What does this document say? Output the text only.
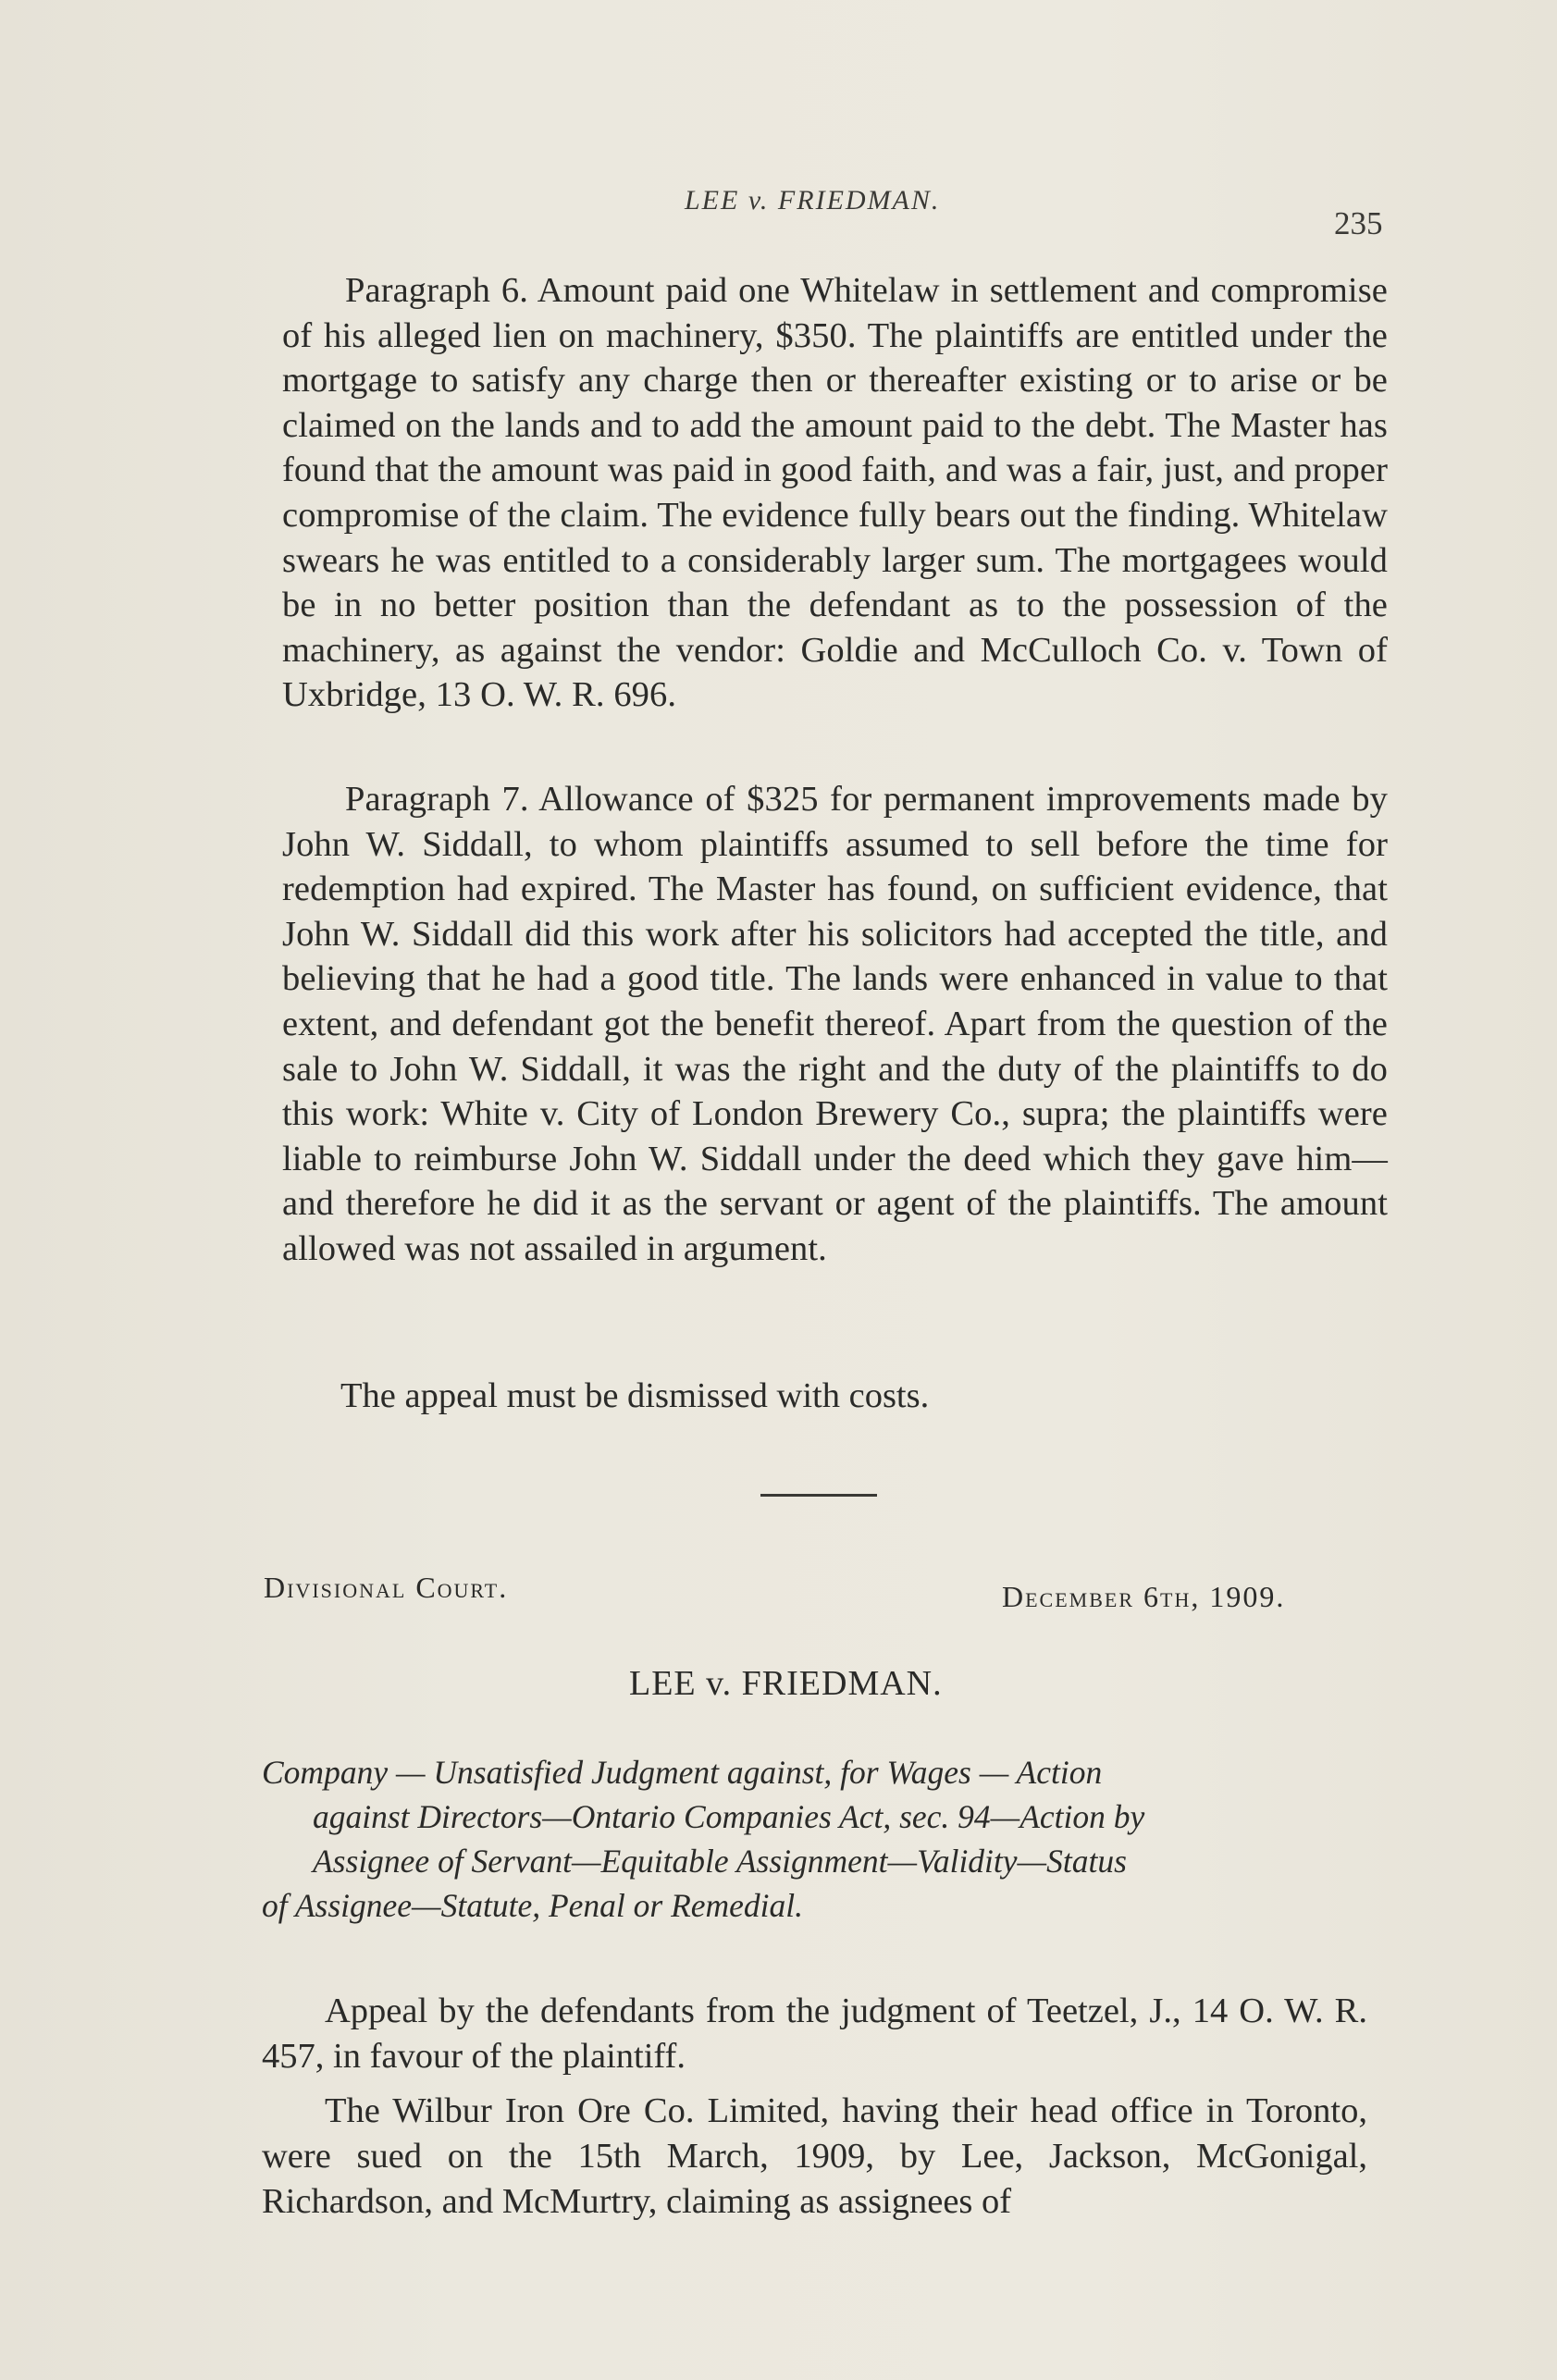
LEE v. FRIEDMAN.
235

Paragraph 6. Amount paid one Whitelaw in settlement and compromise of his alleged lien on machinery, $350. The plaintiffs are entitled under the mortgage to satisfy any charge then or thereafter existing or to arise or be claimed on the lands and to add the amount paid to the debt. The Master has found that the amount was paid in good faith, and was a fair, just, and proper compromise of the claim. The evidence fully bears out the finding. Whitelaw swears he was entitled to a considerably larger sum. The mortgagees would be in no better position than the defendant as to the possession of the machinery, as against the vendor: Goldie and McCulloch Co. v. Town of Uxbridge, 13 O. W. R. 696.

Paragraph 7. Allowance of $325 for permanent improvements made by John W. Siddall, to whom plaintiffs assumed to sell before the time for redemption had expired. The Master has found, on sufficient evidence, that John W. Siddall did this work after his solicitors had accepted the title, and believing that he had a good title. The lands were enhanced in value to that extent, and defendant got the benefit thereof. Apart from the question of the sale to John W. Siddall, it was the right and the duty of the plaintiffs to do this work: White v. City of London Brewery Co., supra; the plaintiffs were liable to reimburse John W. Siddall under the deed which they gave him—and therefore he did it as the servant or agent of the plaintiffs. The amount allowed was not assailed in argument.

The appeal must be dismissed with costs.

Divisional Court.	December 6th, 1909.
LEE v. FRIEDMAN.
Company — Unsatisfied Judgment against, for Wages — Action
against Directors—Ontario Companies Act, sec. 94—Action by
Assignee of Servant—Equitable Assignment—Validity—Status
of Assignee—Statute, Penal or Remedial.

Appeal by the defendants from the judgment of Teetzel, J., 14 O. W. R. 457, in favour of the plaintiff.

The Wilbur Iron Ore Co. Limited, having their head office in Toronto, were sued on the 15th March, 1909, by Lee, Jackson, McGonigal, Richardson, and McMurtry, claiming as assignees of
